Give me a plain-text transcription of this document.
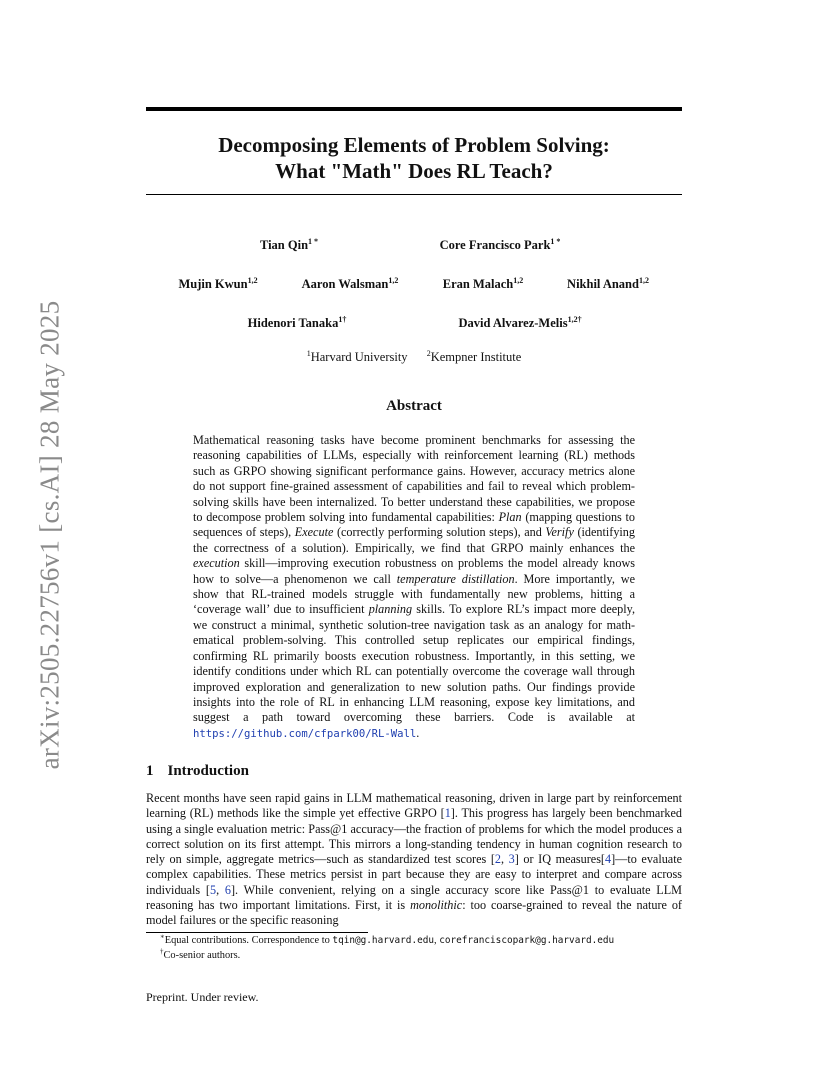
arXiv:2505.22756v1 [cs.AI] 28 May 2025
Decomposing Elements of Problem Solving:
What "Math" Does RL Teach?
Tian Qin$^{1 *}$	Core Francisco Park$^{1 *}$
Mujin Kwun$^{1,2}$	Aaron Walsman$^{1,2}$	Eran Malach$^{1,2}$	Nikhil Anand$^{1,2}$
Hidenori Tanaka$^{1\dagger}$	David Alvarez-Melis$^{1,2\dagger}$
$^1$Harvard University $^2$Kempner Institute
Abstract

Mathematical reasoning tasks have become prominent benchmarks for assessing the reasoning capabilities of LLMs, especially with reinforcement learning (RL) methods such as GRPO showing significant performance gains. However, accuracy metrics alone do not support fine-grained assessment of capabilities and fail to reveal which problem-solving skills have been internalized. To better understand these capabilities, we propose to decompose problem solving into fundamental capabilities: Plan (mapping questions to sequences of steps), Execute (correctly performing solution steps), and Verify (identifying the correctness of a solution). Empirically, we find that GRPO mainly enhances the execution skill—improving execution robustness on problems the model already knows how to solve—a phenomenon we call temperature distillation. More importantly, we show that RL-trained models struggle with fundamentally new problems, hitting a ‘coverage wall’ due to insufficient planning skills. To explore RL’s impact more deeply, we construct a minimal, synthetic solution-tree navigation task as an analogy for math-ematical problem-solving. This controlled setup replicates our empirical findings, confirming RL primarily boosts execution robustness. Importantly, in this setting, we identify conditions under which RL can potentially overcome the coverage wall through improved exploration and generalization to new solution paths. Our findings provide insights into the role of RL in enhancing LLM reasoning, expose key limitations, and suggest a path toward overcoming these barriers. Code is available at https://github.com/cfpark00/RL-Wall.

1 Introduction

Recent months have seen rapid gains in LLM mathematical reasoning, driven in large part by reinforcement learning (RL) methods like the simple yet effective GRPO [1]. This progress has largely been benchmarked using a single evaluation metric: Pass@1 accuracy—the fraction of problems for which the model produces a correct solution on its first attempt. This mirrors a long-standing tendency in human cognition research to rely on simple, aggregate metrics—such as standardized test scores [2, 3] or IQ measures[4]—to evaluate complex capabilities. These metrics persist in part because they are easy to interpret and compare across individuals [5, 6]. While convenient, relying on a single accuracy score like Pass@1 to evaluate LLM reasoning has two important limitations. First, it is monolithic: too coarse-grained to reveal the nature of model failures or the specific reasoning

∗Equal contributions. Correspondence to tqin@g.harvard.edu, corefranciscopark@g.harvard.edu
†Co-senior authors.
Preprint. Under review.
